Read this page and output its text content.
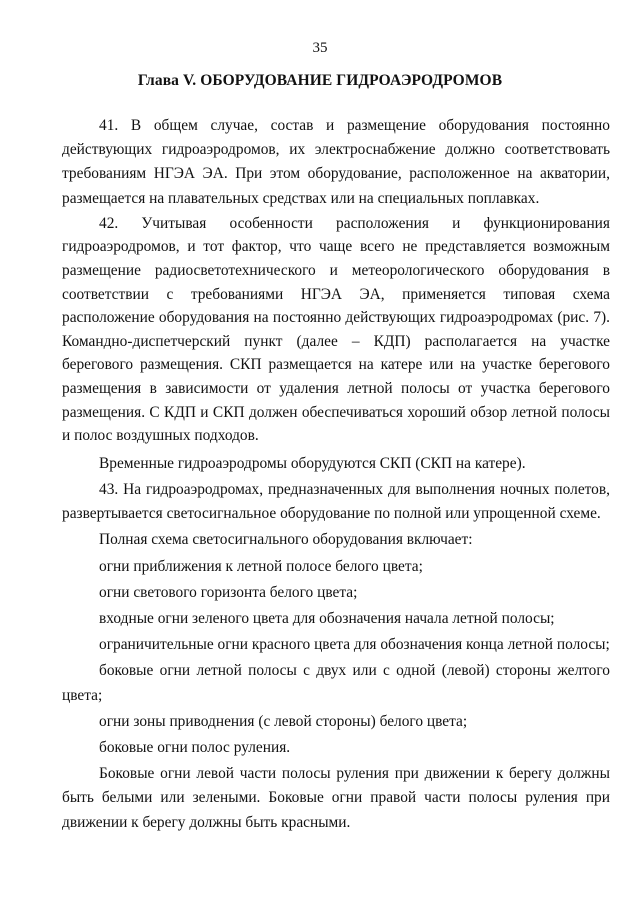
35
Глава V. ОБОРУДОВАНИЕ ГИДРОАЭРОДРОМОВ

41. В общем случае, состав и размещение оборудования постоянно действующих гидроаэродромов, их электроснабжение должно соответствовать требованиям НГЭА ЭА. При этом оборудование, расположенное на акватории, размещается на плавательных средствах или на специальных поплавках.

42. Учитывая особенности расположения и функционирования гидроаэродромов, и тот фактор, что чаще всего не представляется возможным размещение радиосветотехнического и метеорологического оборудования в соответствии с требованиями НГЭА ЭА, применяется типовая схема расположение оборудования на постоянно действующих гидроаэродромах (рис. 7). Командно-диспетчерский пункт (далее – КДП) располагается на участке берегового размещения. СКП размещается на катере или на участке берегового размещения в зависимости от удаления летной полосы от участка берегового размещения. С КДП и СКП должен обеспечиваться хороший обзор летной полосы и полос воздушных подходов.

Временные гидроаэродромы оборудуются СКП (СКП на катере).

43. На гидроаэродромах, предназначенных для выполнения ночных полетов, развертывается светосигнальное оборудование по полной или упрощенной схеме.

Полная схема светосигнального оборудования включает:

огни приближения к летной полосе белого цвета;

огни светового горизонта белого цвета;

входные огни зеленого цвета для обозначения начала летной полосы;

ограничительные огни красного цвета для обозначения конца летной полосы;

боковые огни летной полосы с двух или с одной (левой) стороны желтого цвета;

огни зоны приводнения (с левой стороны) белого цвета;

боковые огни полос руления.

Боковые огни левой части полосы руления при движении к берегу должны быть белыми или зелеными. Боковые огни правой части полосы руления при движении к берегу должны быть красными.
